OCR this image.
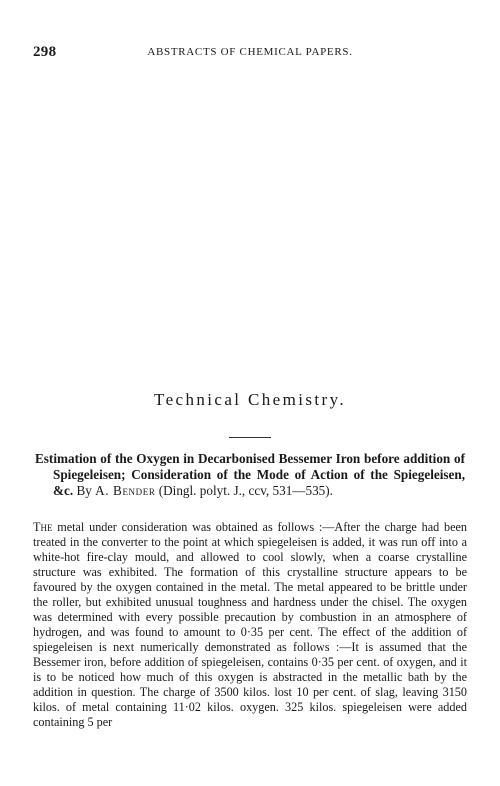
298	ABSTRACTS OF CHEMICAL PAPERS.
Technical Chemistry.

Estimation of the Oxygen in Decarbonised Bessemer Iron before addition of Spiegeleisen; Consideration of the Mode of Action of the Spiegeleisen, &c. By A. Bender (Dingl. polyt. J., ccv, 531—535).

The metal under consideration was obtained as follows :—After the charge had been treated in the converter to the point at which spiegeleisen is added, it was run off into a white-hot fire-clay mould, and allowed to cool slowly, when a coarse crystalline structure was exhibited. The formation of this crystalline structure appears to be favoured by the oxygen contained in the metal. The metal appeared to be brittle under the roller, but exhibited unusual toughness and hardness under the chisel. The oxygen was determined with every possible precaution by combustion in an atmosphere of hydrogen, and was found to amount to 0·35 per cent. The effect of the addition of spiegeleisen is next numerically demonstrated as follows :—It is assumed that the Bessemer iron, before addition of spiegeleisen, contains 0·35 per cent. of oxygen, and it is to be noticed how much of this oxygen is abstracted in the metallic bath by the addition in question. The charge of 3500 kilos. lost 10 per cent. of slag, leaving 3150 kilos. of metal containing 11·02 kilos. oxygen. 325 kilos. spiegeleisen were added containing 5 per
